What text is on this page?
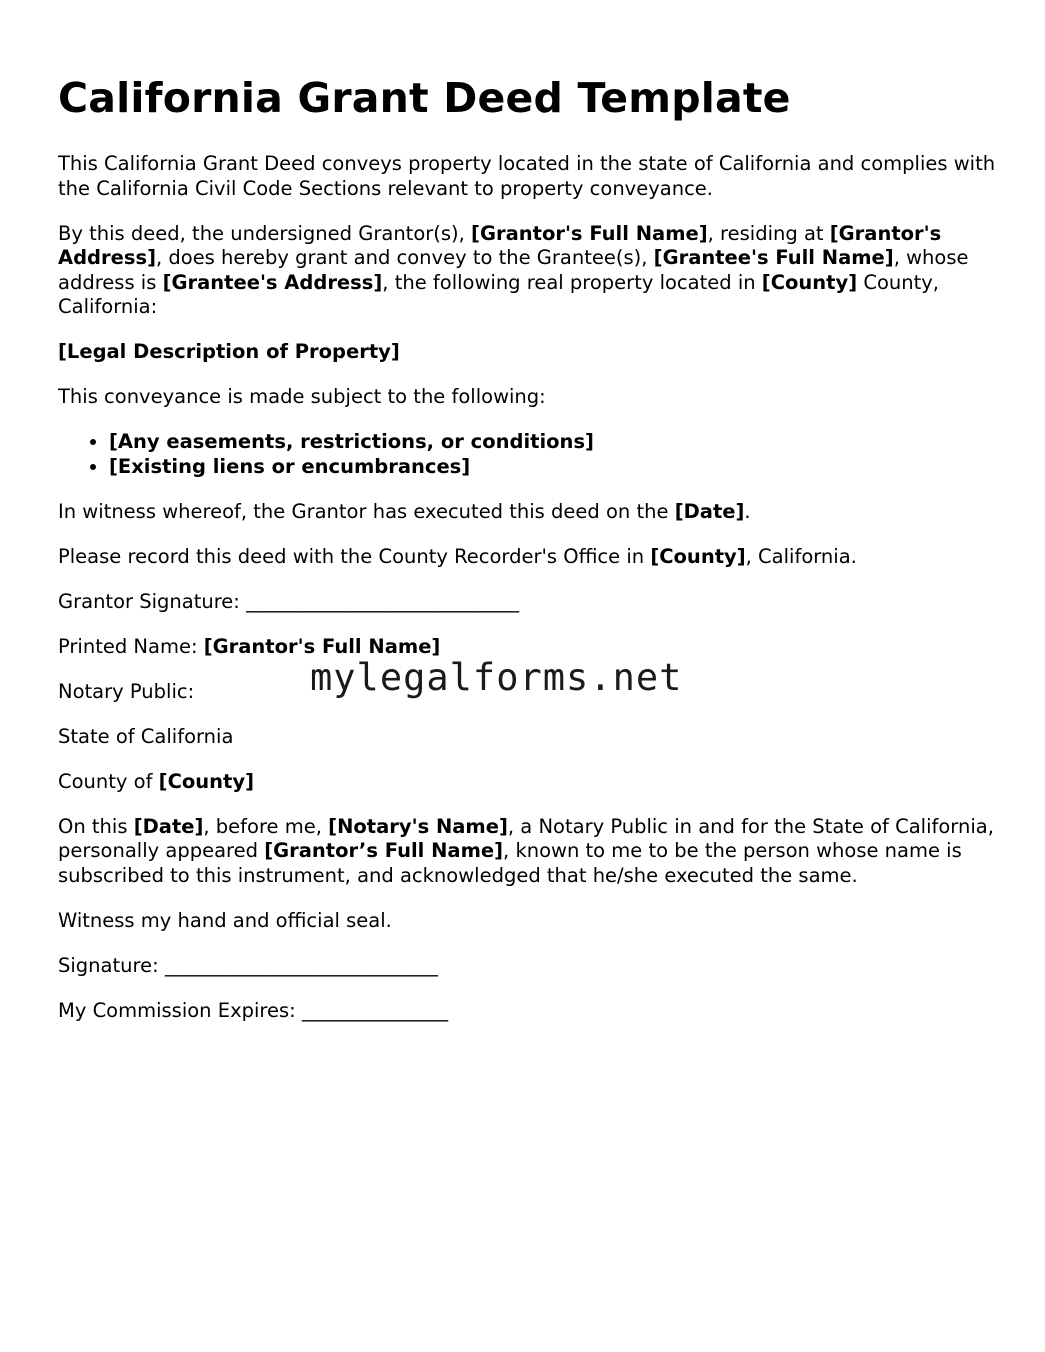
California Grant Deed Template

This California Grant Deed conveys property located in the state of California and complies with the California Civil Code Sections relevant to property conveyance.

By this deed, the undersigned Grantor(s), [Grantor's Full Name], residing at [Grantor's Address], does hereby grant and convey to the Grantee(s), [Grantee's Full Name], whose address is [Grantee's Address], the following real property located in [County] County, California:

[Legal Description of Property]

This conveyance is made subject to the following:

• [Any easements, restrictions, or conditions]
• [Existing liens or encumbrances]

In witness whereof, the Grantor has executed this deed on the [Date].

Please record this deed with the County Recorder's Office in [County], California.

Grantor Signature: ____________________________

Printed Name: [Grantor's Full Name]

Notary Public:

State of California

County of [County]

On this [Date], before me, [Notary's Name], a Notary Public in and for the State of California, personally appeared [Grantor’s Full Name], known to me to be the person whose name is subscribed to this instrument, and acknowledged that he/she executed the same.

Witness my hand and official seal.

Signature: ____________________________

My Commission Expires: _______________

mylegalforms.net
